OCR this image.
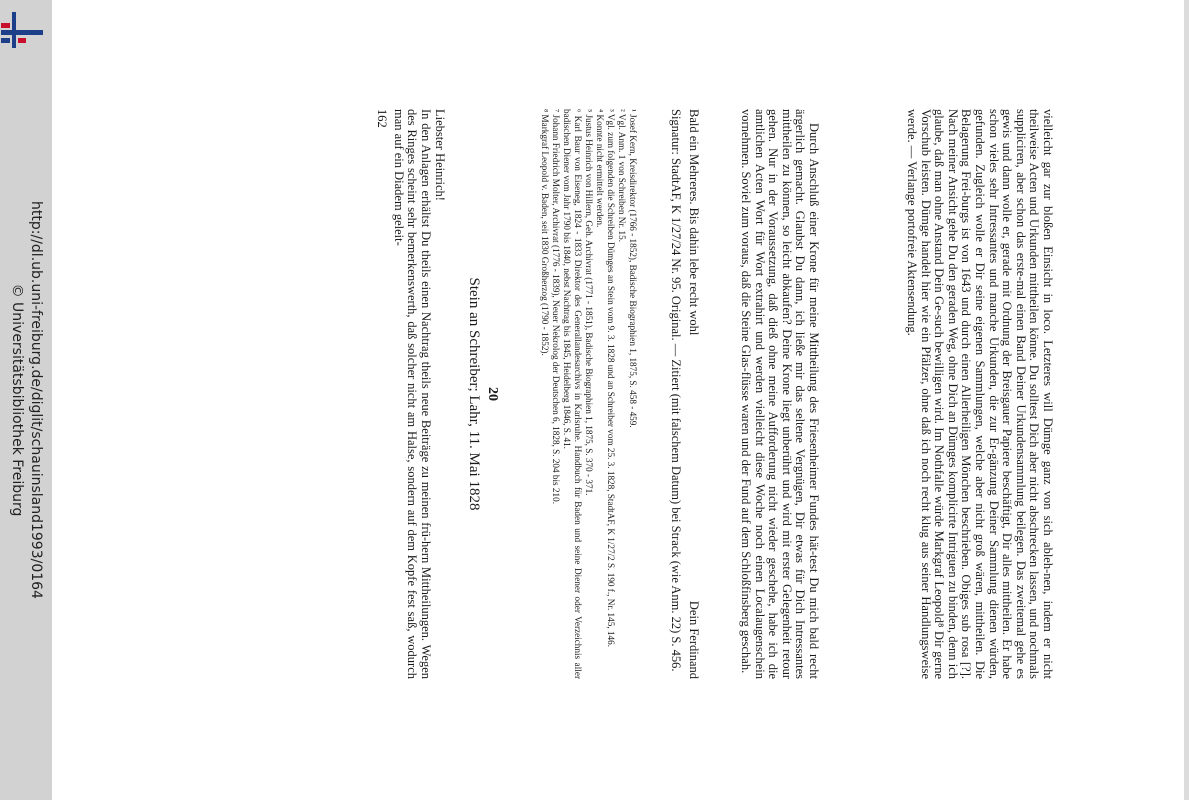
http://dl.ub.uni-freiburg.de/diglit/schauinsland1993/0164
© Universitätsbibliothek Freiburg	vielleicht gar zur bloßen Einsicht in loco. Letzteres will Dümge ganz von sich ableh-nen, indem er nicht theilweise Acten und Urkunden mittheilen könne. Du solltest Dich aber nicht abschrecken lassen, und nochmals suppliciren, aber schon das erste-mal einen Band Deiner Urkundensammlung beilegen. Das zweitemal gehe es gewis und dann wolle er, gerade mit Ordnung der Breisgauer Papiere beschäftigt, Dir alles mittheilen. Er habe schon vieles sehr Intressantes und manche Urkunden, die zur Er-gänzung Deiner Sammlung dienen würden, gefunden. Zugleich wolle er Dir seine eigenen Sammlungen, welche aber nicht groß wären, mittheilen. Die Belagerung Frei-burgs ist von 1643 und durch einen Allerheiligen Mönchen beschrieben. Obiges sub rosa [?]. Nach meiner Ansicht gehe Du den geraden Weg, ohne Dich an Dümges komplicirte Intriguen zu binden, denn ich glaube, daß man ohne Anstand Dein Ge-such bewilligen wird. Im Nothfalle würde Markgraf Leopold⁸ Dir gerne Vorschub leisten. Dümge handelt hier wie ein Pfälzer, ohne daß ich noch recht klug aus seiner Handlungsweise werde. — Verlange portofreie Aktensendung.

Durch Anschluß einer Krone für meine Mittheilung des Friesenheimer Fundes hät-test Du mich bald recht ärgerlich gemacht. Glaubst Du dann, ich ließe mir das seltene Vergnügen, Dir etwas für Dich Intressantes mittheilen zu können, so leicht abkaufen? Deine Krone liegt unberührt und wird mit erster Gelegenheit retour gehen. Nur in der Voraussetzung, daß dieß ohne meine Aufforderung nicht wieder geschehe, habe ich die amtlichen Acten Wort für Wort extrahirt und werden vielleicht diese Woche noch einen Localaugenschein vornehmen. Soviel zum voraus, daß die Steine Glas-flüsse waren und der Fund auf dem Schloßfinsberg geschah.

Bald ein Mehreres. Bis dahin lebe recht wohl
Dein Ferdinand

Signatur: StadtAF, K 1/27/24 Nr. 95. Original. — Zitiert (mit falschem Datum) bei Strack (wie Anm. 22) S. 456.

¹ Josef Kern, Kreisdirektor (1766 - 1852), Badische Biographien 1, 1875, S. 458 - 459.

² Vgl. Anm. 1 von Schreiben Nr. 15.

³ Vgl. zum folgenden die Schreiben Dümges an Stein vom 9. 3. 1828 und an Schreiber vom 25. 3. 1828, StadtAF, K 1/27/2 S. 190 f., Nr. 145, 146.

⁴ Konnte nicht ermittelt werden.

⁵ Justus Heinrich von Hillern, Geh. Archivrat (1771 - 1851), Badische Biographien 1, 1875, S. 370 - 371.

⁶ Karl Baur von Eiseneg, 1824 - 1833 Direktor des Generallandesarchivs in Karlsruhe. Handbuch für Baden und seine Diener oder Verzeichnis aller badischen Diener vom Jahr 1790 bis 1840, nebst Nachtrag bis 1845, Heidelberg 1846, S. 41.

⁷ Johann Friedrich Molter, Archivrat (1776 - 1839), Neuer Nekrolog der Deutschen 6, 1828, S. 204 bis 210.

⁸ Markgraf Leopold v. Baden, seit 1830 Großherzog (1790 - 1852).

20

Stein an Schreiber; Lahr, 11. Mai 1828

Liebster Heinrich!

In den Anlagen erhältst Du theils einen Nachtrag theils neue Beiträge zu meinen frü-hern Mittheilungen. Wegen des Ringes scheint sehr bemerkenswerth, daß solcher nicht am Halse, sondern auf dem Kopfe fest saß, wodurch man auf ein Diadem geleit-

162
